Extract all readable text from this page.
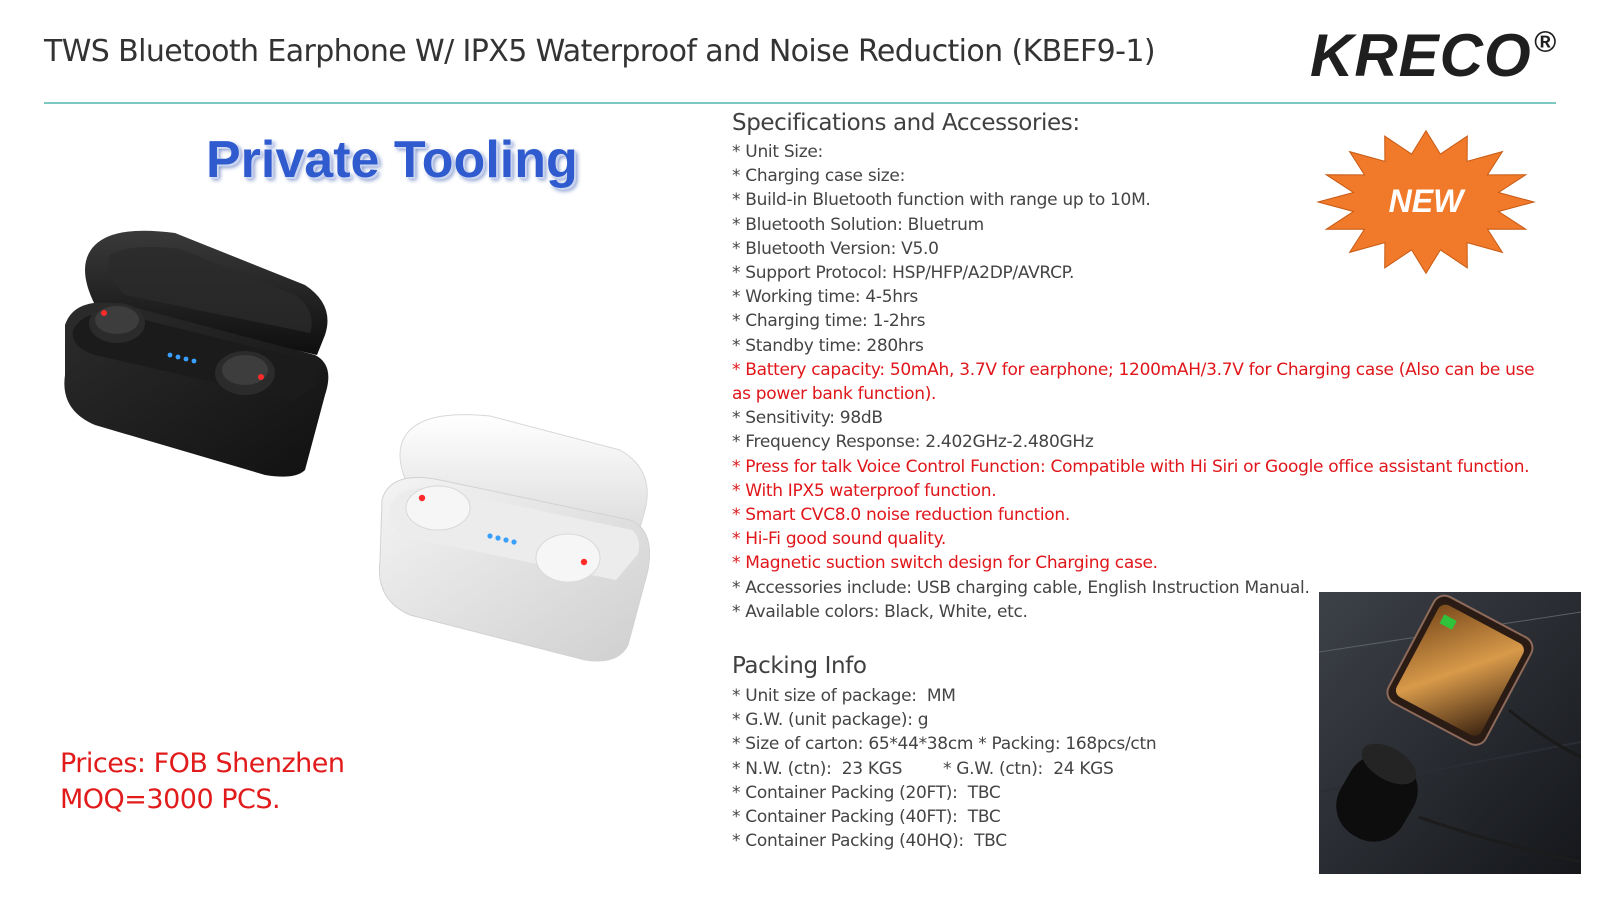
TWS Bluetooth Earphone W/ IPX5 Waterproof and Noise Reduction (KBEF9-1)	KRECO®
Private Tooling
Prices: FOB Shenzhen
MOQ=3000 PCS.
Specifications and Accessories:
* Unit Size:
* Charging case size:
* Build-in Bluetooth function with range up to 10M.
* Bluetooth Solution: Bluetrum
* Bluetooth Version: V5.0
* Support Protocol: HSP/HFP/A2DP/AVRCP.
* Working time: 4-5hrs
* Charging time: 1-2hrs
* Standby time: 280hrs
* Battery capacity: 50mAh, 3.7V for earphone; 1200mAH/3.7V for Charging case (Also can be use as power bank function).
* Sensitivity: 98dB
* Frequency Response: 2.402GHz-2.480GHz
* Press for talk Voice Control Function: Compatible with Hi Siri or Google office assistant function.
* With IPX5 waterproof function.
* Smart CVC8.0 noise reduction function.
* Hi-Fi good sound quality.
* Magnetic suction switch design for Charging case.
* Accessories include: USB charging cable, English Instruction Manual.
* Available colors: Black, White, etc.
Packing Info
* Unit size of package:  MM
* G.W. (unit package): g
* Size of carton: 65*44*38cm * Packing: 168pcs/ctn
* N.W. (ctn):  23 KGS        * G.W. (ctn):  24 KGS
* Container Packing (20FT):  TBC
* Container Packing (40FT):  TBC
* Container Packing (40HQ):  TBC
NEW
